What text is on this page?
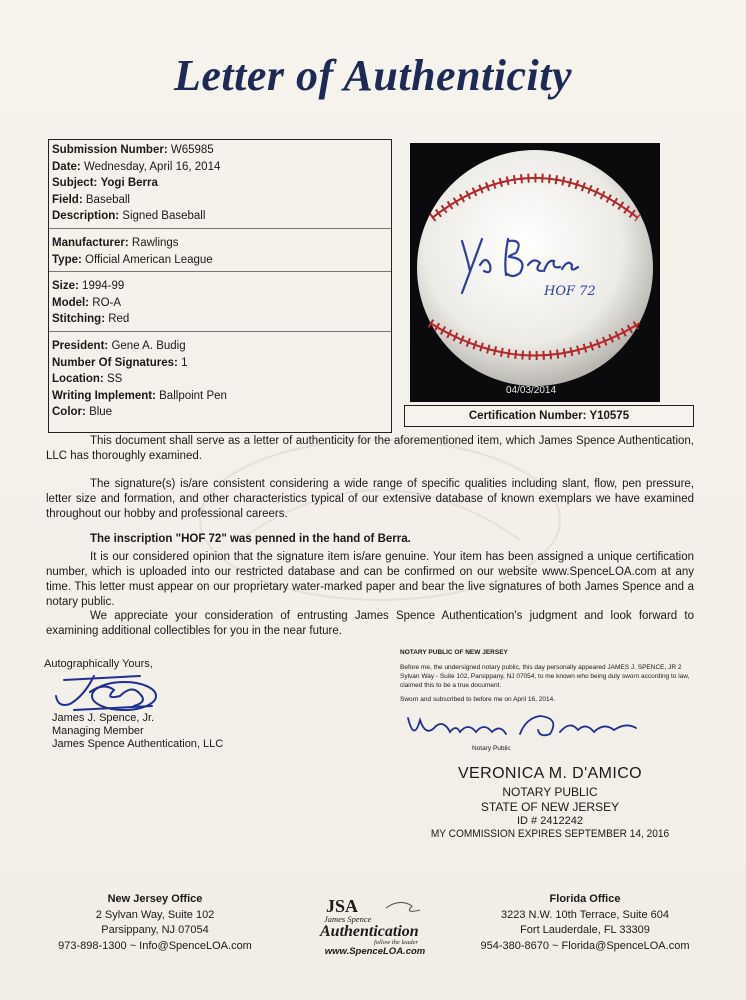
Letter of Authenticity
Submission Number: W65985
Date: Wednesday, April 16, 2014
Subject: Yogi Berra
Field: Baseball
Description: Signed Baseball
Manufacturer: Rawlings
Type: Official American League
Size: 1994-99
Model: RO-A
Stitching: Red
President: Gene A. Budig
Number Of Signatures: 1
Location: SS
Writing Implement: Ballpoint Pen
Color: Blue
HOF 72
04/03/2014
Certification Number: Y10575
This document shall serve as a letter of authenticity for the aforementioned item, which James Spence Authentication, LLC has thoroughly examined.
The signature(s) is/are consistent considering a wide range of specific qualities including slant, flow, pen pressure, letter size and formation, and other characteristics typical of our extensive database of known exemplars we have examined throughout our hobby and professional careers.
The inscription "HOF 72" was penned in the hand of Berra.
It is our considered opinion that the signature item is/are genuine. Your item has been assigned a unique certification number, which is uploaded into our restricted database and can be confirmed on our website www.SpenceLOA.com at any time. This letter must appear on our proprietary water-marked paper and bear the live signatures of both James Spence and a notary public.
We appreciate your consideration of entrusting James Spence Authentication's judgment and look forward to examining additional collectibles for you in the near future.
Autographically Yours,
James J. Spence, Jr.
Managing Member
James Spence Authentication, LLC
NOTARY PUBLIC OF NEW JERSEY
Before me, the undersigned notary public, this day personally appeared JAMES J. SPENCE, JR 2 Sylvan Way - Suite 102, Parsippany, NJ 07054, to me known who being duly sworn according to law, claimed this to be a true document.
Sworn and subscribed to before me on April 16, 2014.
Notary Public
VERONICA M. D'AMICO
NOTARY PUBLIC
STATE OF NEW JERSEY
ID # 2412242
MY COMMISSION EXPIRES SEPTEMBER 14, 2016
New Jersey Office
2 Sylvan Way, Suite 102
Parsippany, NJ 07054
973-898-1300 ~ Info@SpenceLOA.com
JSA
James Spence
Authentication
follow the leader
www.SpenceLOA.com
Florida Office
3223 N.W. 10th Terrace, Suite 604
Fort Lauderdale, FL 33309
954-380-8670 ~ Florida@SpenceLOA.com
